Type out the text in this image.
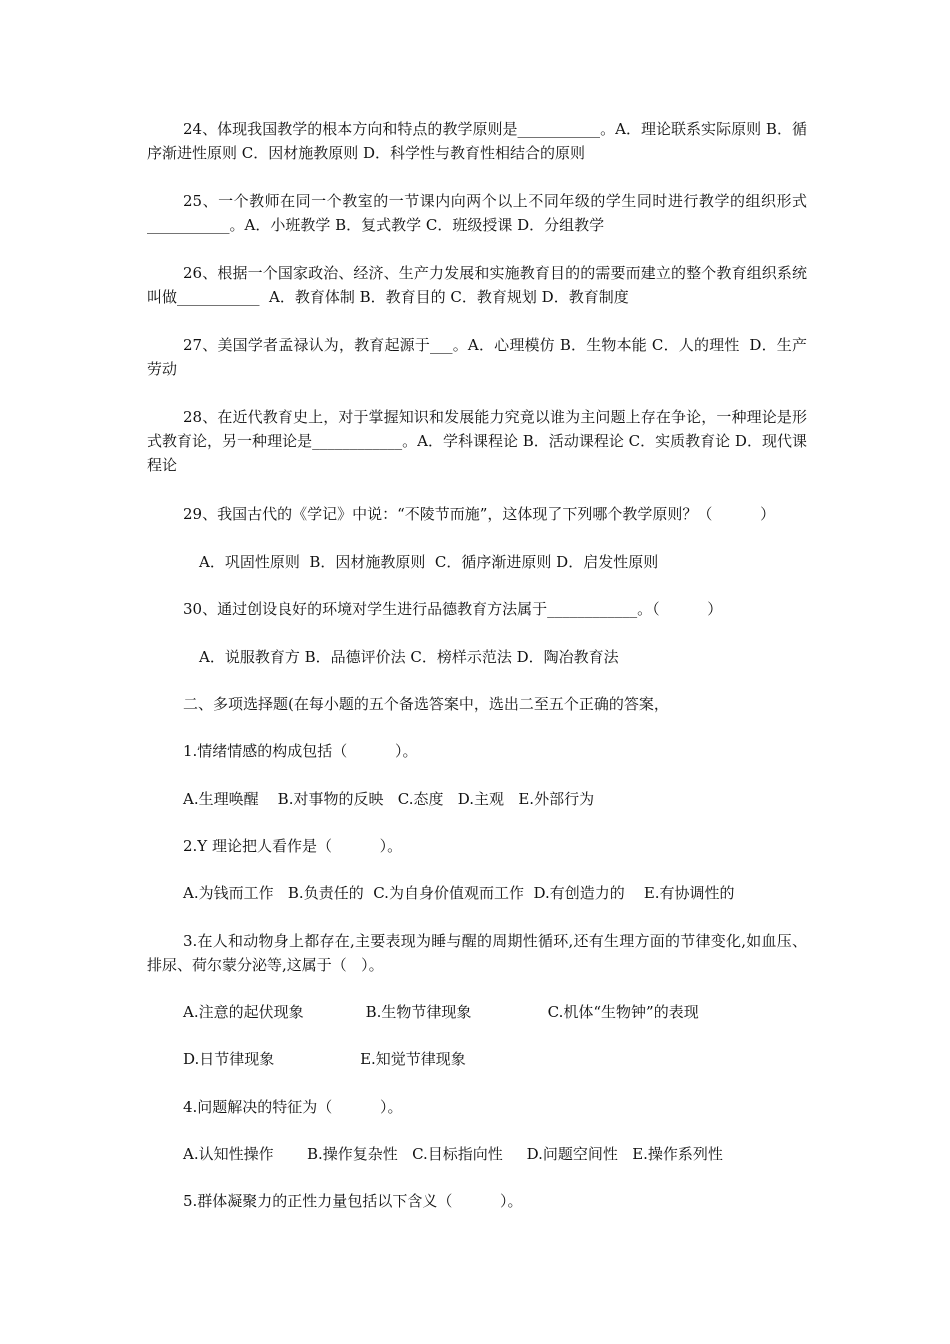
24、体现我国教学的根本方向和特点的教学原则是___________。A．理论联系实际原则 B．循序渐进性原则 C．因材施教原则 D．科学性与教育性相结合的原则
25、一个教师在同一个教室的一节课内向两个以上不同年级的学生同时进行教学的组织形式___________。A．小班教学 B．复式教学 C．班级授课 D．分组教学
26、根据一个国家政治、经济、生产力发展和实施教育目的的需要而建立的整个教育组织系统叫做___________  A．教育体制 B．教育目的 C．教育规划 D．教育制度
27、美国学者孟禄认为，教育起源于___。A．心理模仿 B．生物本能 C．人的理性  D．生产劳动
28、在近代教育史上，对于掌握知识和发展能力究竟以谁为主问题上存在争论，一种理论是形式教育论，另一种理论是____________。A．学科课程论 B．活动课程论 C．实质教育论 D．现代课程论
29、我国古代的《学记》中说：“不陵节而施”，这体现了下列哪个教学原则？（          ）
A．巩固性原则  B．因材施教原则  C．循序渐进原则 D．启发性原则
30、通过创设良好的环境对学生进行品德教育方法属于____________。（          ）
A．说服教育方 B．品德评价法 C．榜样示范法 D．陶冶教育法
二、多项选择题(在每小题的五个备选答案中，选出二至五个正确的答案，
1.情绪情感的构成包括（          ）。
A.生理唤醒    B.对事物的反映   C.态度   D.主观   E.外部行为
2.Y 理论把人看作是（          ）。
A.为钱而工作   B.负责任的  C.为自身价值观而工作  D.有创造力的    E.有协调性的
3.在人和动物身上都存在,主要表现为睡与醒的周期性循环,还有生理方面的节律变化,如血压、排尿、荷尔蒙分泌等,这属于（   ）。
A.注意的起伏现象             B.生物节律现象                C.机体“生物钟”的表现
D.日节律现象                  E.知觉节律现象
4.问题解决的特征为（          ）。
A.认知性操作       B.操作复杂性   C.目标指向性     D.问题空间性   E.操作系列性
5.群体凝聚力的正性力量包括以下含义（          ）。
